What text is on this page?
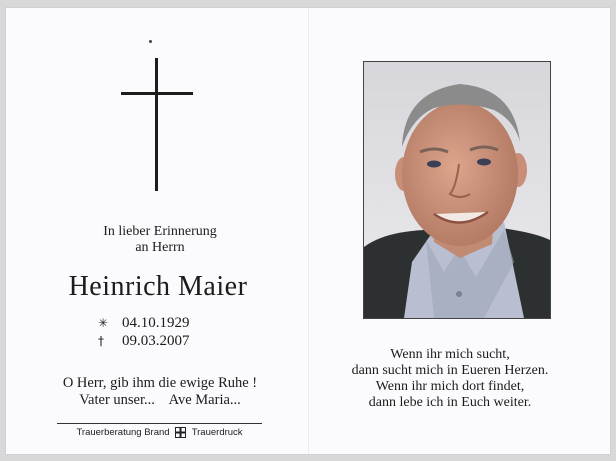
In lieber Erinnerung
an Herrn
Heinrich Maier
✳ 04.10.1929
† 09.03.2007
O Herr, gib ihm die ewige Ruhe !
Vater unser...    Ave Maria...
Trauerberatung Brand Trauerdruck
Wenn ihr mich sucht,
dann sucht mich in Eueren Herzen.
Wenn ihr mich dort findet,
dann lebe ich in Euch weiter.
